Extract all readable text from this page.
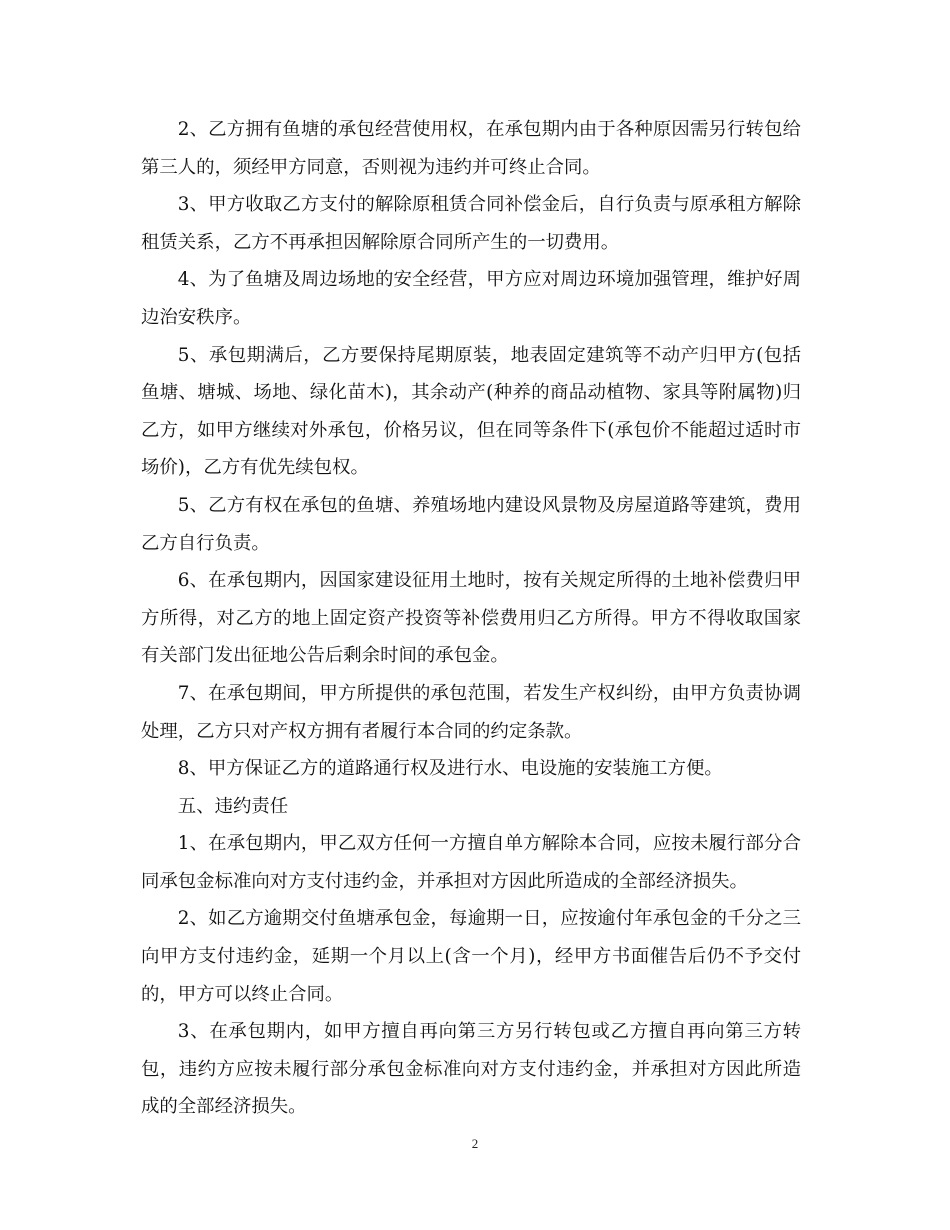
2、乙方拥有鱼塘的承包经营使用权，在承包期内由于各种原因需另行转包给第三人的，须经甲方同意，否则视为违约并可终止合同。

3、甲方收取乙方支付的解除原租赁合同补偿金后，自行负责与原承租方解除租赁关系，乙方不再承担因解除原合同所产生的一切费用。

4、为了鱼塘及周边场地的安全经营，甲方应对周边环境加强管理，维护好周边治安秩序。

5、承包期满后，乙方要保持尾期原装，地表固定建筑等不动产归甲方(包括鱼塘、塘城、场地、绿化苗木)，其余动产(种养的商品动植物、家具等附属物)归乙方，如甲方继续对外承包，价格另议，但在同等条件下(承包价不能超过适时市场价)，乙方有优先续包权。

5、乙方有权在承包的鱼塘、养殖场地内建设风景物及房屋道路等建筑，费用乙方自行负责。

6、在承包期内，因国家建设征用土地时，按有关规定所得的土地补偿费归甲方所得，对乙方的地上固定资产投资等补偿费用归乙方所得。甲方不得收取国家有关部门发出征地公告后剩余时间的承包金。

7、在承包期间，甲方所提供的承包范围，若发生产权纠纷，由甲方负责协调处理，乙方只对产权方拥有者履行本合同的约定条款。

8、甲方保证乙方的道路通行权及进行水、电设施的安装施工方便。

五、违约责任

1、在承包期内，甲乙双方任何一方擅自单方解除本合同，应按未履行部分合同承包金标准向对方支付违约金，并承担对方因此所造成的全部经济损失。

2、如乙方逾期交付鱼塘承包金，每逾期一日，应按逾付年承包金的千分之三向甲方支付违约金，延期一个月以上(含一个月)，经甲方书面催告后仍不予交付的，甲方可以终止合同。

3、在承包期内，如甲方擅自再向第三方另行转包或乙方擅自再向第三方转包，违约方应按未履行部分承包金标准向对方支付违约金，并承担对方因此所造成的全部经济损失。

2
